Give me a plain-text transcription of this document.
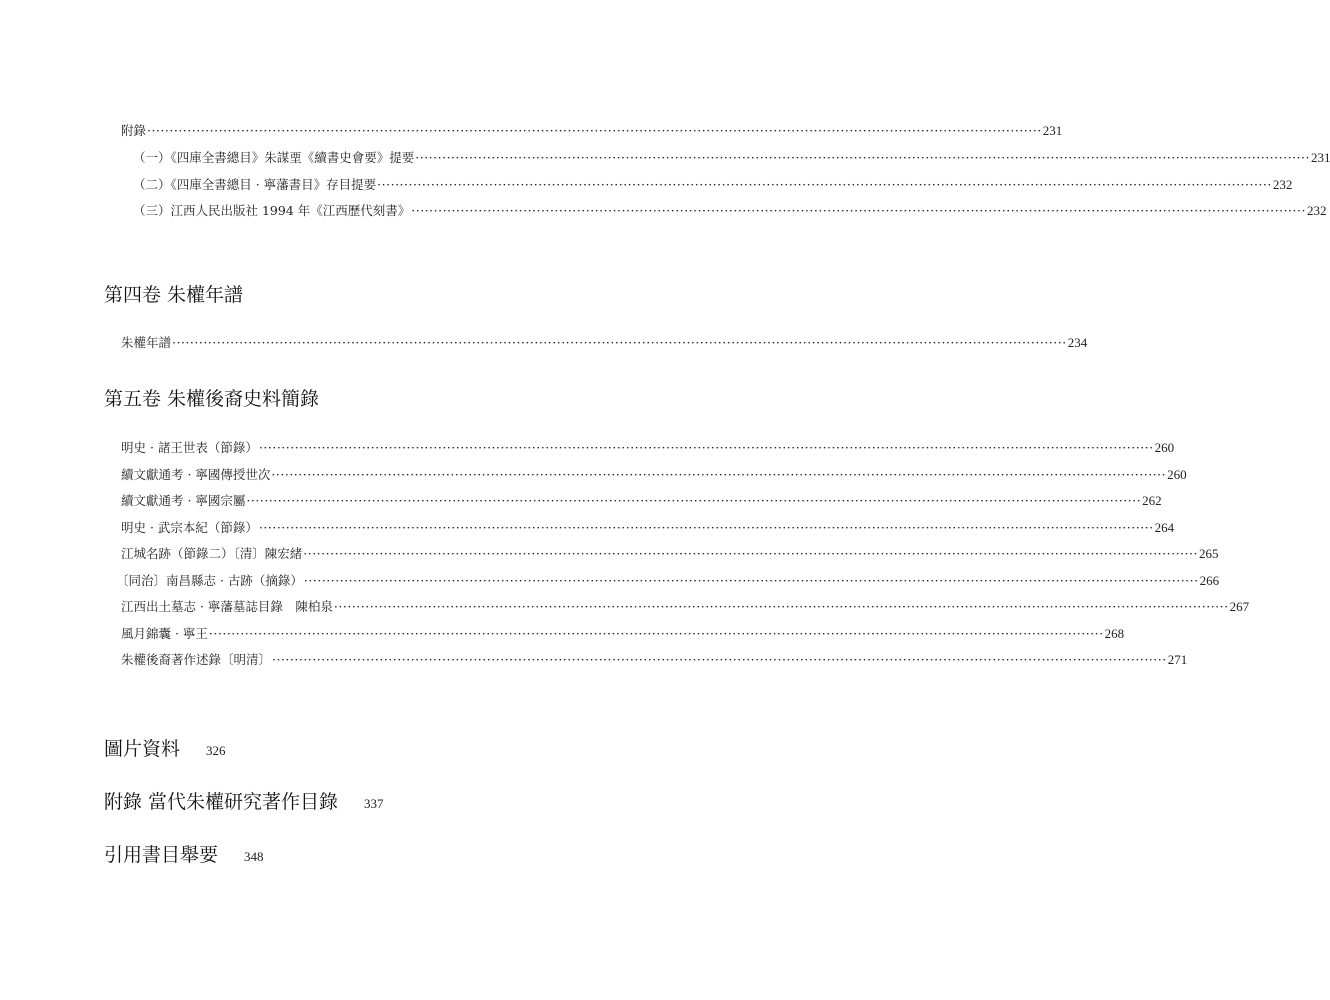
附錄 ········································································································································································································ 231
（一）《四庫全書總目》朱謀垔《續書史會要》提要 ········································································································································································································ 231
（二）《四庫全書總目 · 寧藩書目》存目提要 ········································································································································································································ 232
（三）江西人民出版社 1994 年《江西歷代刻書》 ········································································································································································································ 232
第四卷 朱權年譜
朱權年譜 ········································································································································································································ 234
第五卷 朱權後裔史料簡錄
明史 · 諸王世表（節錄） ········································································································································································································ 260
續文獻通考 · 寧國傳授世次 ········································································································································································································ 260
續文獻通考 · 寧國宗屬 ········································································································································································································ 262
明史 · 武宗本紀（節錄） ········································································································································································································ 264
江城名跡（節錄二）〔清〕陳宏緒 ········································································································································································································ 265
〔同治〕南昌縣志 · 古跡（摘錄） ········································································································································································································ 266
江西出土墓志 · 寧藩墓誌目錄　陳柏泉 ········································································································································································································ 267
風月錦囊 · 寧王 ········································································································································································································ 268
朱權後裔著作述錄〔明清〕 ········································································································································································································ 271
圖片資料 326
附錄 當代朱權研究著作目錄 337
引用書目舉要 348
